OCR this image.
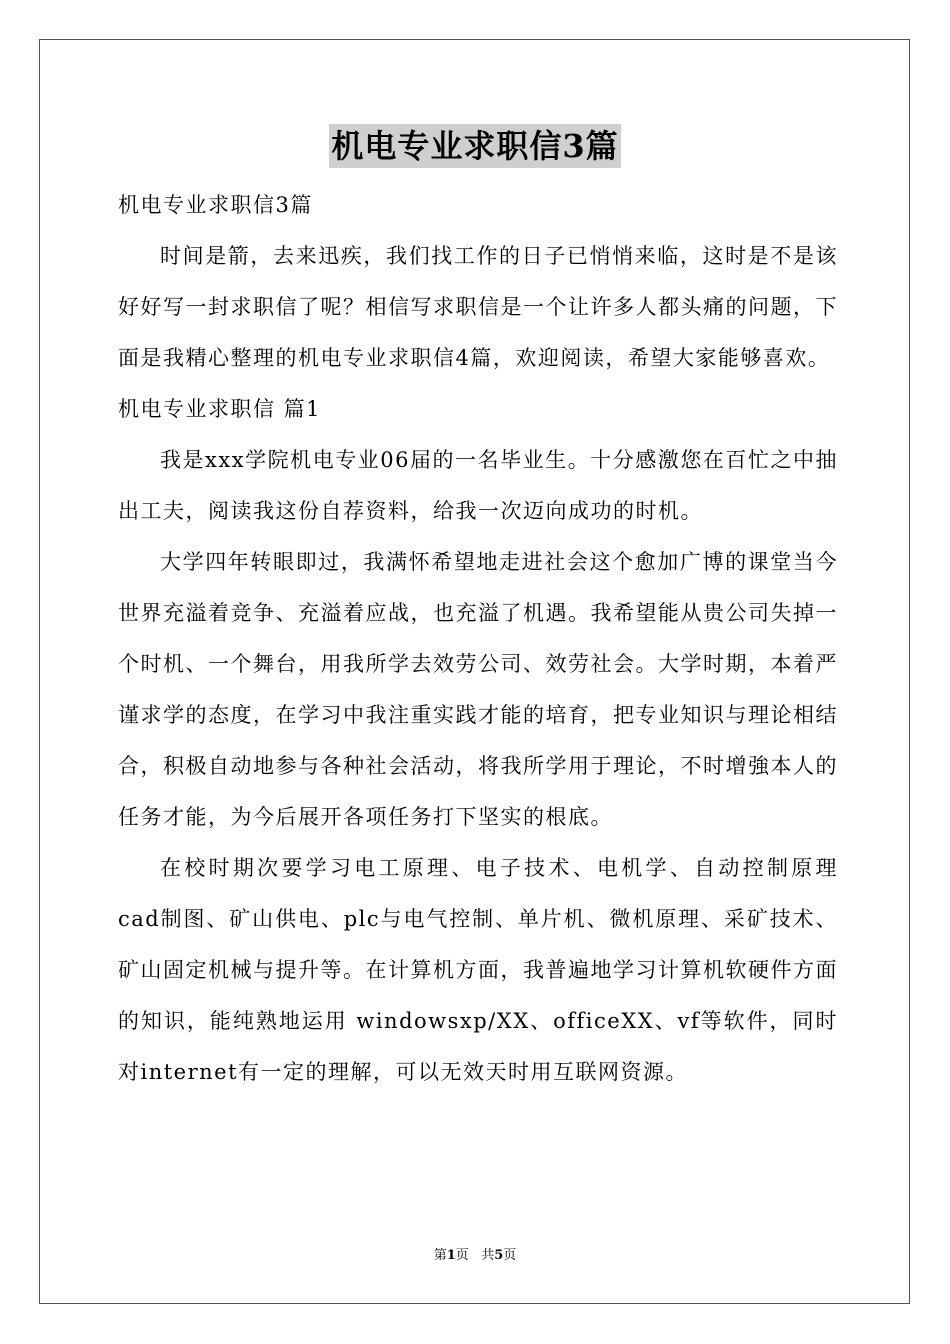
机电专业求职信3篇

机电专业求职信3篇

时间是箭，去来迅疾，我们找工作的日子已悄悄来临，这时是不是该好好写一封求职信了呢？相信写求职信是一个让许多人都头痛的问题，下面是我精心整理的机电专业求职信4篇，欢迎阅读，希望大家能够喜欢。

机电专业求职信 篇1

我是xxx学院机电专业06届的一名毕业生。十分感激您在百忙之中抽出工夫，阅读我这份自荐资料，给我一次迈向成功的时机。

大学四年转眼即过，我满怀希望地走进社会这个愈加广博的课堂当今世界充溢着竞争、充溢着应战，也充溢了机遇。我希望能从贵公司失掉一个时机、一个舞台，用我所学去效劳公司、效劳社会。大学时期，本着严谨求学的态度，在学习中我注重实践才能的培育，把专业知识与理论相结合，积极自动地参与各种社会活动，将我所学用于理论，不时增強本人的任务才能，为今后展开各项任务打下坚实的根底。

在校时期次要学习电工原理、电子技术、电机学、自动控制原理 cad制图、矿山供电、plc与电气控制、单片机、微机原理、采矿技术、矿山固定机械与提升等。在计算机方面，我普遍地学习计算机软硬件方面的知识，能纯熟地运用 windowsxp/XX、officeXX、vf等软件，同时对internet有一定的理解，可以无效天时用互联网资源。

第1页 共5页
